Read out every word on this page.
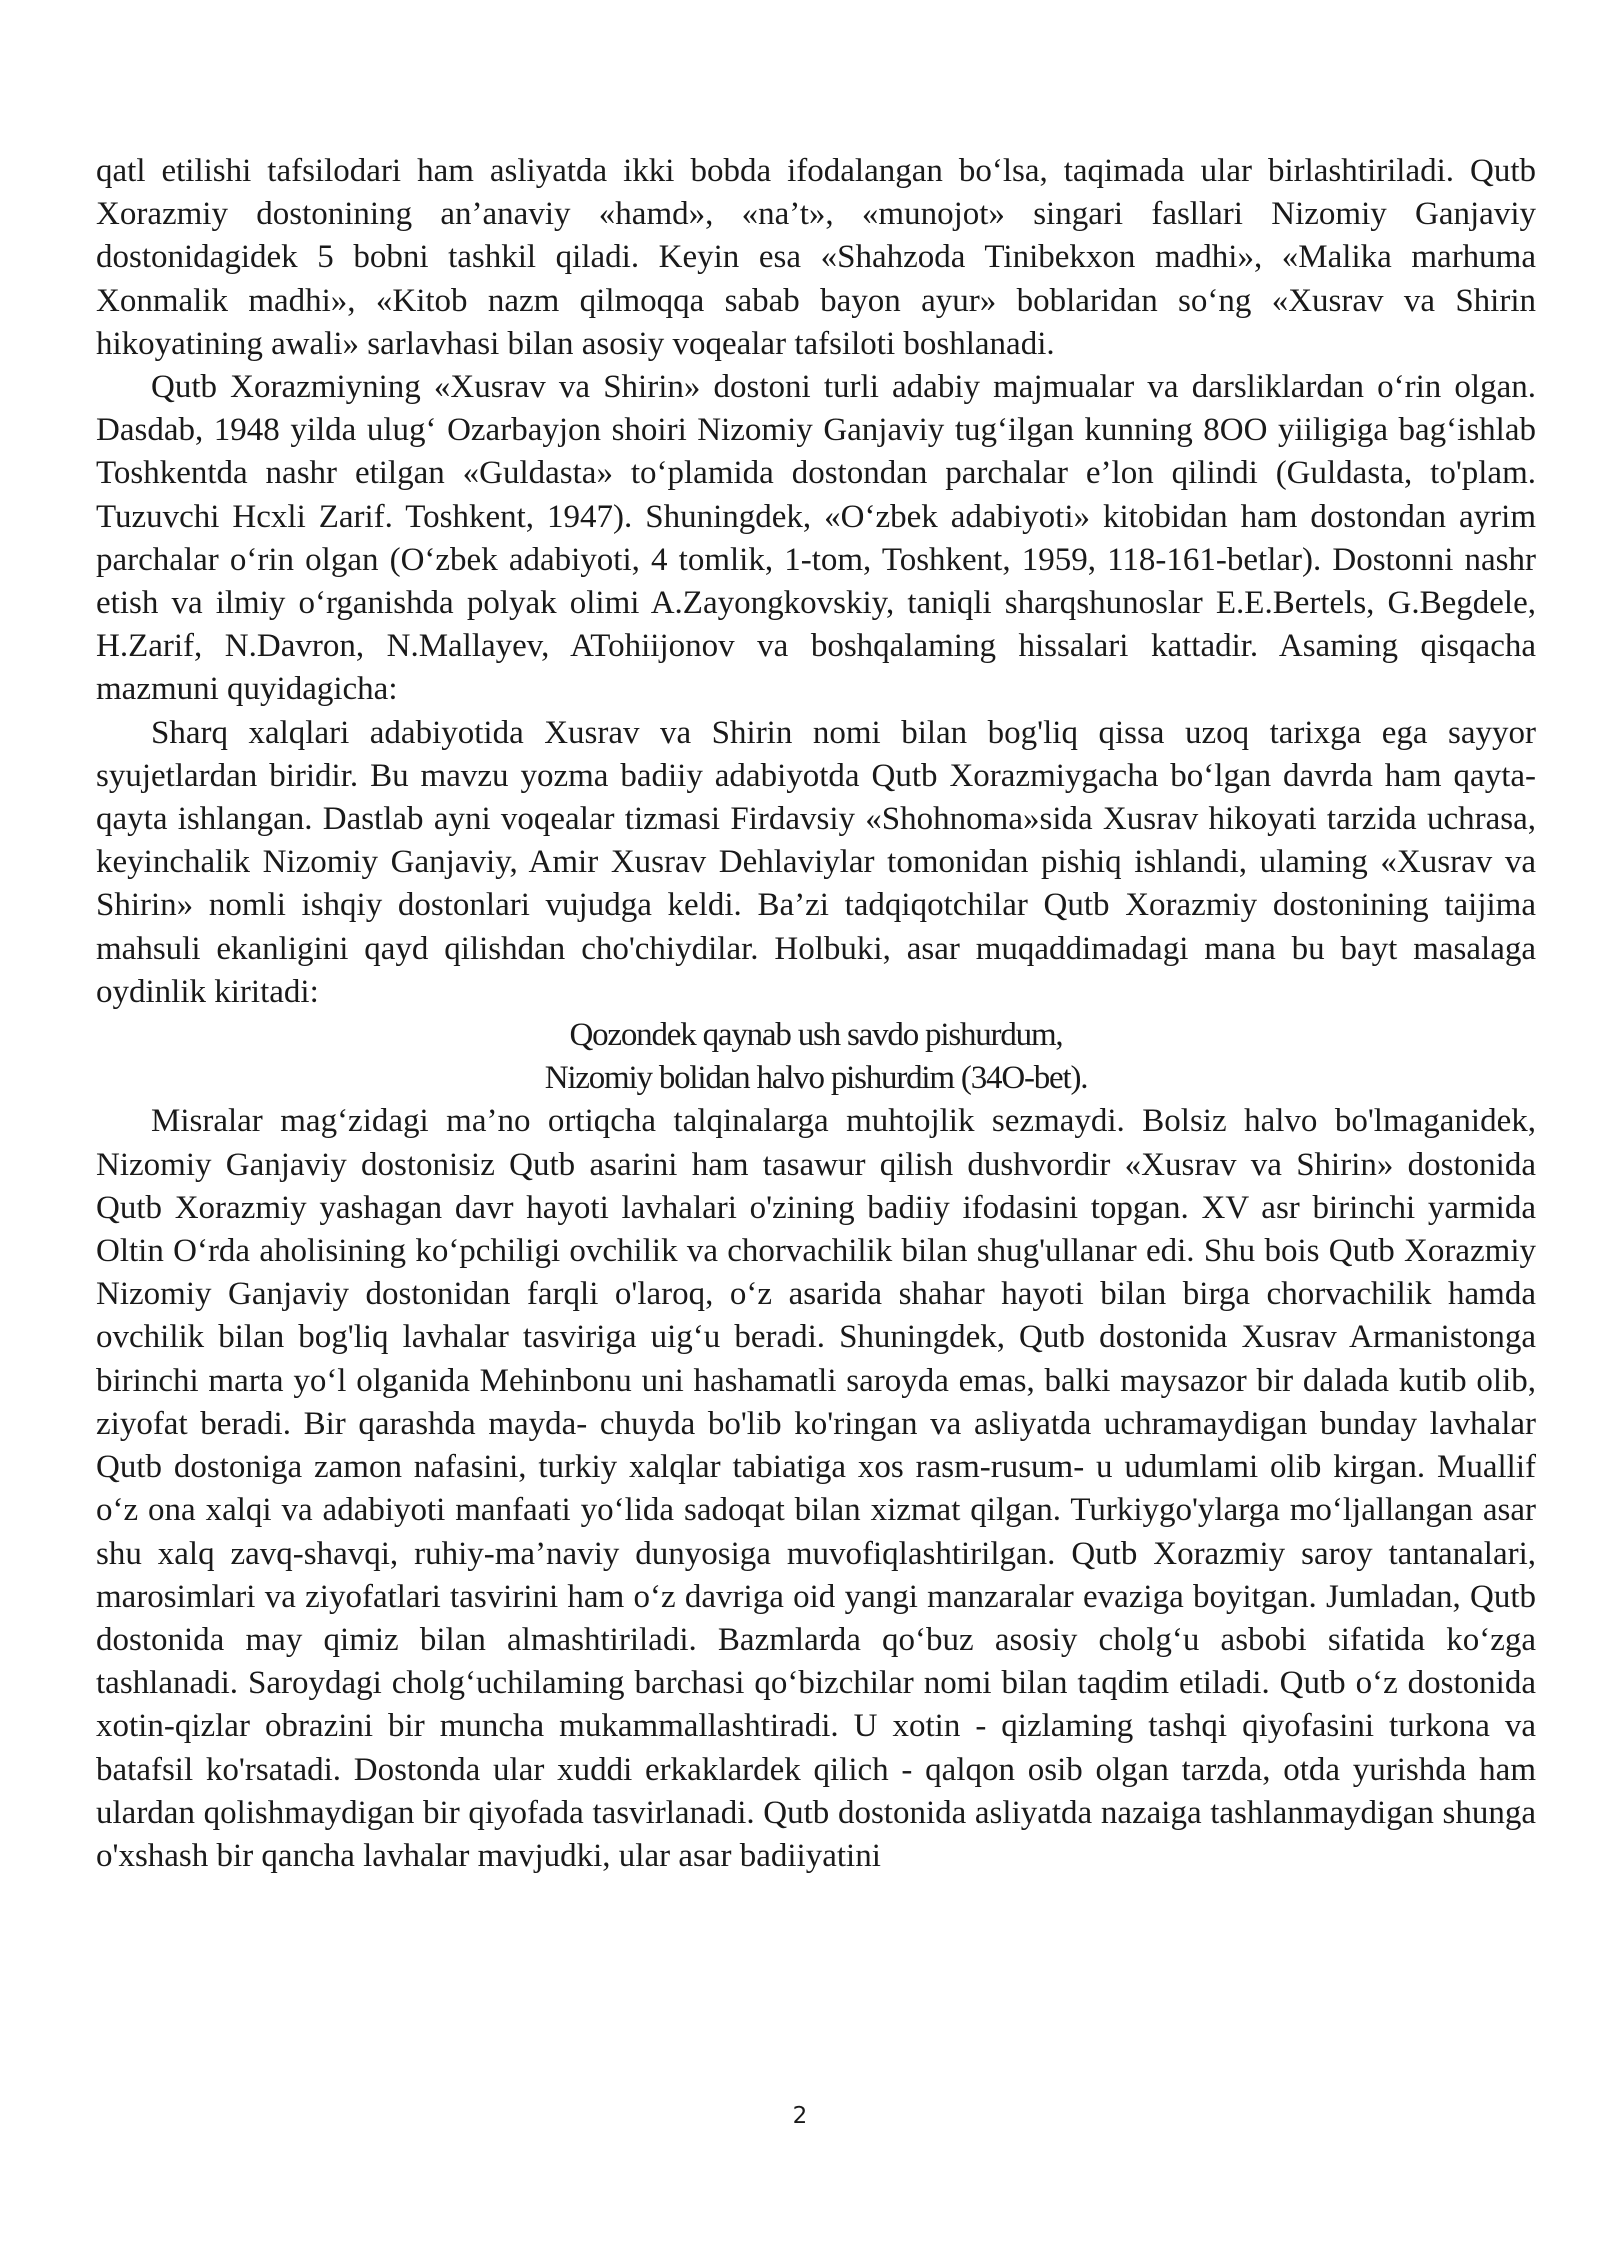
qatl etilishi tafsilodari ham asliyatda ikki bobda ifodalangan bo‘lsa, taqimada ular birlashtiriladi. Qutb Xorazmiy dostonining an’anaviy «hamd», «na’t», «munojot» singari fasllari Nizomiy Ganjaviy dostonidagidek 5 bobni tashkil qiladi. Keyin esa «Shahzoda Tinibekxon madhi», «Malika marhuma Xonmalik madhi», «Kitob nazm qilmoqqa sabab bayon ayur» boblaridan so‘ng «Xusrav va Shirin hikoyatining awali» sarlavhasi bilan asosiy voqealar tafsiloti boshlanadi.

Qutb Xorazmiyning «Xusrav va Shirin» dostoni turli adabiy majmualar va darsliklardan o‘rin olgan. Dasdab, 1948 yilda ulug‘ Ozarbayjon shoiri Nizomiy Ganjaviy tug‘ilgan kunning 8OO yiiligiga bag‘ishlab Toshkentda nashr etilgan «Guldasta» to‘plamida dostondan parchalar e’lon qilindi (Guldasta, to'plam. Tuzuvchi Hcxli Zarif. Toshkent, 1947). Shuningdek, «O‘zbek adabiyoti» kitobidan ham dostondan ayrim parchalar o‘rin olgan (O‘zbek adabiyoti, 4 tomlik, 1-tom, Toshkent, 1959, 118-161-betlar). Dostonni nashr etish va ilmiy o‘rganishda polyak olimi A.Zayongkovskiy, taniqli sharqshunoslar E.E.Bertels, G.Begdele, H.Zarif, N.Davron, N.Mallayev, ATohiijonov va boshqalaming hissalari kattadir. Asaming qisqacha mazmuni quyidagicha:

Sharq xalqlari adabiyotida Xusrav va Shirin nomi bilan bog'liq qissa uzoq tarixga ega sayyor syujetlardan biridir. Bu mavzu yozma badiiy adabiyotda Qutb Xorazmiygacha bo‘lgan davrda ham qayta-qayta ishlangan. Dastlab ayni voqealar tizmasi Firdavsiy «Shohnoma»sida Xusrav hikoyati tarzida uchrasa, keyinchalik Nizomiy Ganjaviy, Amir Xusrav Dehlaviylar tomonidan pishiq ishlandi, ulaming «Xusrav va Shirin» nomli ishqiy dostonlari vujudga keldi. Ba’zi tadqiqotchilar Qutb Xorazmiy dostonining taijima mahsuli ekanligini qayd qilishdan cho'chiydilar. Holbuki, asar muqaddimadagi mana bu bayt masalaga oydinlik kiritadi:

Qozondek qaynab ush savdo pishurdum,
Nizomiy bolidan halvo pishurdim (34O-bet).

Misralar mag‘zidagi ma’no ortiqcha talqinalarga muhtojlik sezmaydi. Bolsiz halvo bo'lmaganidek, Nizomiy Ganjaviy dostonisiz Qutb asarini ham tasawur qilish dushvordir «Xusrav va Shirin» dostonida Qutb Xorazmiy yashagan davr hayoti lavhalari o'zining badiiy ifodasini topgan. XV asr birinchi yarmida Oltin O‘rda aholisining ko‘pchiligi ovchilik va chorvachilik bilan shug'ullanar edi. Shu bois Qutb Xorazmiy Nizomiy Ganjaviy dostonidan farqli o'laroq, o‘z asarida shahar hayoti bilan birga chorvachilik hamda ovchilik bilan bog'liq lavhalar tasviriga uig‘u beradi. Shuningdek, Qutb dostonida Xusrav Armanistonga birinchi marta yo‘l olganida Mehinbonu uni hashamatli saroyda emas, balki maysazor bir dalada kutib olib, ziyofat beradi. Bir qarashda mayda- chuyda bo'lib ko'ringan va asliyatda uchramaydigan bunday lavhalar Qutb dostoniga zamon nafasini, turkiy xalqlar tabiatiga xos rasm-rusum- u udumlami olib kirgan. Muallif o‘z ona xalqi va adabiyoti manfaati yo‘lida sadoqat bilan xizmat qilgan. Turkiygo'ylarga mo‘ljallangan asar shu xalq zavq-shavqi, ruhiy-ma’naviy dunyosiga muvofiqlashtirilgan. Qutb Xorazmiy saroy tantanalari, marosimlari va ziyofatlari tasvirini ham o‘z davriga oid yangi manzaralar evaziga boyitgan. Jumladan, Qutb dostonida may qimiz bilan almashtiriladi. Bazmlarda qo‘buz asosiy cholg‘u asbobi sifatida ko‘zga tashlanadi. Saroydagi cholg‘uchilaming barchasi qo‘bizchilar nomi bilan taqdim etiladi. Qutb o‘z dostonida xotin-qizlar obrazini bir muncha mukammallashtiradi. U xotin - qizlaming tashqi qiyofasini turkona va batafsil ko'rsatadi. Dostonda ular xuddi erkaklardek qilich - qalqon osib olgan tarzda, otda yurishda ham ulardan qolishmaydigan bir qiyofada tasvirlanadi. Qutb dostonida asliyatda nazaiga tashlanmaydigan shunga o'xshash bir qancha lavhalar mavjudki, ular asar badiiyatini

2
